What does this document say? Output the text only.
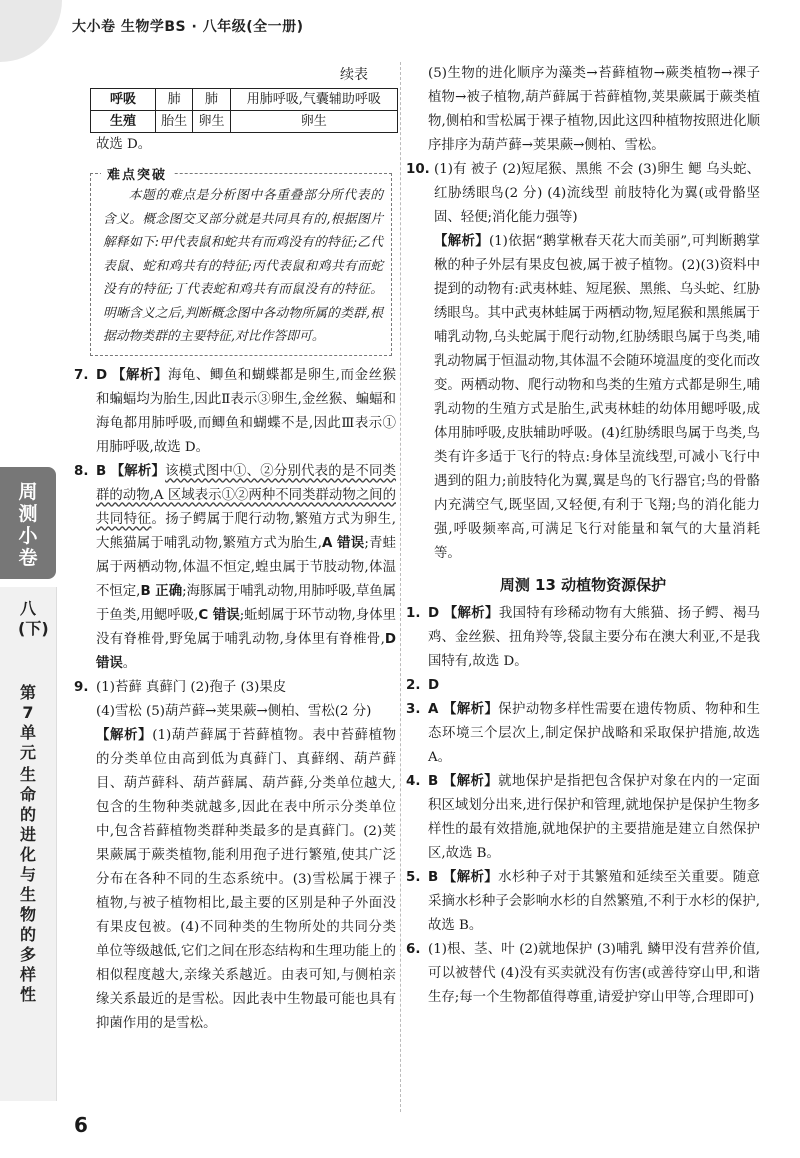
大小卷 生物学BS · 八年级(全一册)
续表
呼吸	肺	肺	用肺呼吸,气囊辅助呼吸
生殖	胎生	卵生	卵生

故选 D。

难点突破

本题的难点是分析图中各重叠部分所代表的含义。概念图交叉部分就是共同具有的,根据图片解释如下:甲代表鼠和蛇共有而鸡没有的特征;乙代表鼠、蛇和鸡共有的特征;丙代表鼠和鸡共有而蛇没有的特征;丁代表蛇和鸡共有而鼠没有的特征。明晰含义之后,判断概念图中各动物所属的类群,根据动物类群的主要特征,对比作答即可。

7. D 【解析】海龟、鲫鱼和蝴蝶都是卵生,而金丝猴和蝙蝠均为胎生,因此Ⅱ表示③卵生,金丝猴、蝙蝠和海龟都用肺呼吸,而鲫鱼和蝴蝶不是,因此Ⅲ表示①用肺呼吸,故选 D。

8. B 【解析】该模式图中①、②分别代表的是不同类群的动物,A 区域表示①②两种不同类群动物之间的共同特征。扬子鳄属于爬行动物,繁殖方式为卵生,大熊猫属于哺乳动物,繁殖方式为胎生,A 错误;青蛙属于两栖动物,体温不恒定,蝗虫属于节肢动物,体温不恒定,B 正确;海豚属于哺乳动物,用肺呼吸,草鱼属于鱼类,用鳃呼吸,C 错误;蚯蚓属于环节动物,身体里没有脊椎骨,野兔属于哺乳动物,身体里有脊椎骨,D 错误。

9. (1)苔藓 真藓门 (2)孢子 (3)果皮
(4)雪松 (5)葫芦藓→荚果蕨→侧柏、雪松(2 分)
【解析】(1)葫芦藓属于苔藓植物。表中苔藓植物的分类单位由高到低为真藓门、真藓纲、葫芦藓目、葫芦藓科、葫芦藓属、葫芦藓,分类单位越大,包含的生物种类就越多,因此在表中所示分类单位中,包含苔藓植物类群种类最多的是真藓门。(2)荚果蕨属于蕨类植物,能利用孢子进行繁殖,使其广泛分布在各种不同的生态系统中。(3)雪松属于裸子植物,与被子植物相比,最主要的区别是种子外面没有果皮包被。(4)不同种类的生物所处的共同分类单位等级越低,它们之间在形态结构和生理功能上的相似程度越大,亲缘关系越近。由表可知,与侧柏亲缘关系最近的是雪松。因此表中生物最可能也具有抑菌作用的是雪松。

(5)生物的进化顺序为藻类→苔藓植物→蕨类植物→裸子植物→被子植物,葫芦藓属于苔藓植物,荚果蕨属于蕨类植物,侧柏和雪松属于裸子植物,因此这四种植物按照进化顺序排序为葫芦藓→荚果蕨→侧柏、雪松。

10. (1)有 被子 (2)短尾猴、黑熊 不会 (3)卵生 鳃 乌头蛇、红胁绣眼鸟(2 分) (4)流线型 前肢特化为翼(或骨骼坚固、轻便;消化能力强等)
【解析】(1)依据“鹅掌楸春天花大而美丽”,可判断鹅掌楸的种子外层有果皮包被,属于被子植物。(2)(3)资料中提到的动物有:武夷林蛙、短尾猴、黑熊、乌头蛇、红胁绣眼鸟。其中武夷林蛙属于两栖动物,短尾猴和黑熊属于哺乳动物,乌头蛇属于爬行动物,红胁绣眼鸟属于鸟类,哺乳动物属于恒温动物,其体温不会随环境温度的变化而改变。两栖动物、爬行动物和鸟类的生殖方式都是卵生,哺乳动物的生殖方式是胎生,武夷林蛙的幼体用鳃呼吸,成体用肺呼吸,皮肤辅助呼吸。(4)红胁绣眼鸟属于鸟类,鸟类有许多适于飞行的特点:身体呈流线型,可减小飞行中遇到的阻力;前肢特化为翼,翼是鸟的飞行器官;鸟的骨骼内充满空气,既坚固,又轻便,有利于飞翔;鸟的消化能力强,呼吸频率高,可满足飞行对能量和氧气的大量消耗等。

周测 13 动植物资源保护

1. D 【解析】我国特有珍稀动物有大熊猫、扬子鳄、褐马鸡、金丝猴、扭角羚等,袋鼠主要分布在澳大利亚,不是我国特有,故选 D。

2. D

3. A 【解析】保护动物多样性需要在遗传物质、物种和生态环境三个层次上,制定保护战略和采取保护措施,故选 A。

4. B 【解析】就地保护是指把包含保护对象在内的一定面积区域划分出来,进行保护和管理,就地保护是保护生物多样性的最有效措施,就地保护的主要措施是建立自然保护区,故选 B。

5. B 【解析】水杉种子对于其繁殖和延续至关重要。随意采摘水杉种子会影响水杉的自然繁殖,不利于水杉的保护,故选 B。

6. (1)根、茎、叶 (2)就地保护 (3)哺乳 鳞甲没有营养价值,可以被替代 (4)没有买卖就没有伤害(或善待穿山甲,和谐生存;每一个生物都值得尊重,请爱护穿山甲等,合理即可)

周测小卷
八(下)
第7单元
生命的进化与生物的多样性
6
